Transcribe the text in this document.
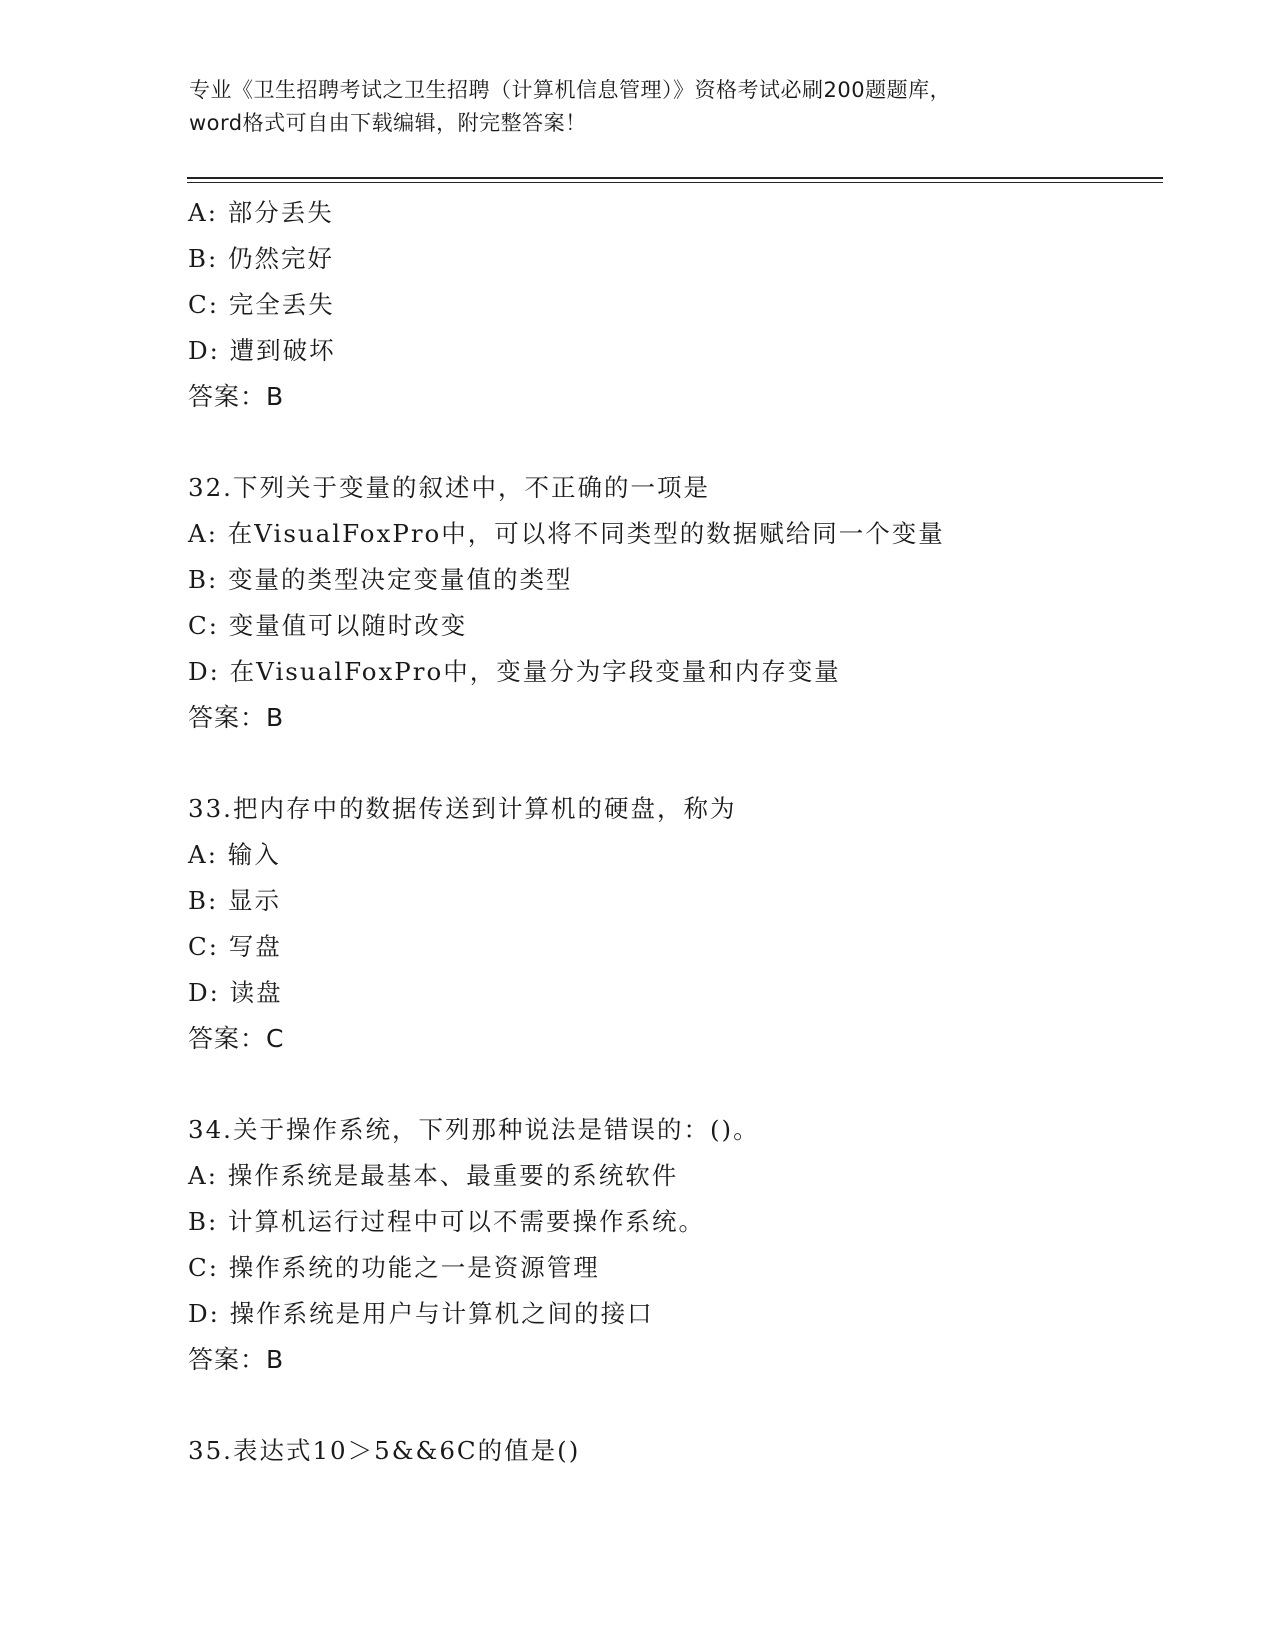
专业《卫生招聘考试之卫生招聘（计算机信息管理）》资格考试必刷200题题库，
word格式可自由下载编辑，附完整答案！
A: 部分丢失
B: 仍然完好
C: 完全丢失
D: 遭到破坏
答案：B
32.下列关于变量的叙述中，不正确的一项是
A: 在VisualFoxPro中，可以将不同类型的数据赋给同一个变量
B: 变量的类型决定变量值的类型
C: 变量值可以随时改变
D: 在VisualFoxPro中，变量分为字段变量和内存变量
答案：B
33.把内存中的数据传送到计算机的硬盘，称为
A: 输入
B: 显示
C: 写盘
D: 读盘
答案：C
34.关于操作系统，下列那种说法是错误的：()。
A: 操作系统是最基本、最重要的系统软件
B: 计算机运行过程中可以不需要操作系统。
C: 操作系统的功能之一是资源管理
D: 操作系统是用户与计算机之间的接口
答案：B
35.表达式10＞5&&6C的值是()
